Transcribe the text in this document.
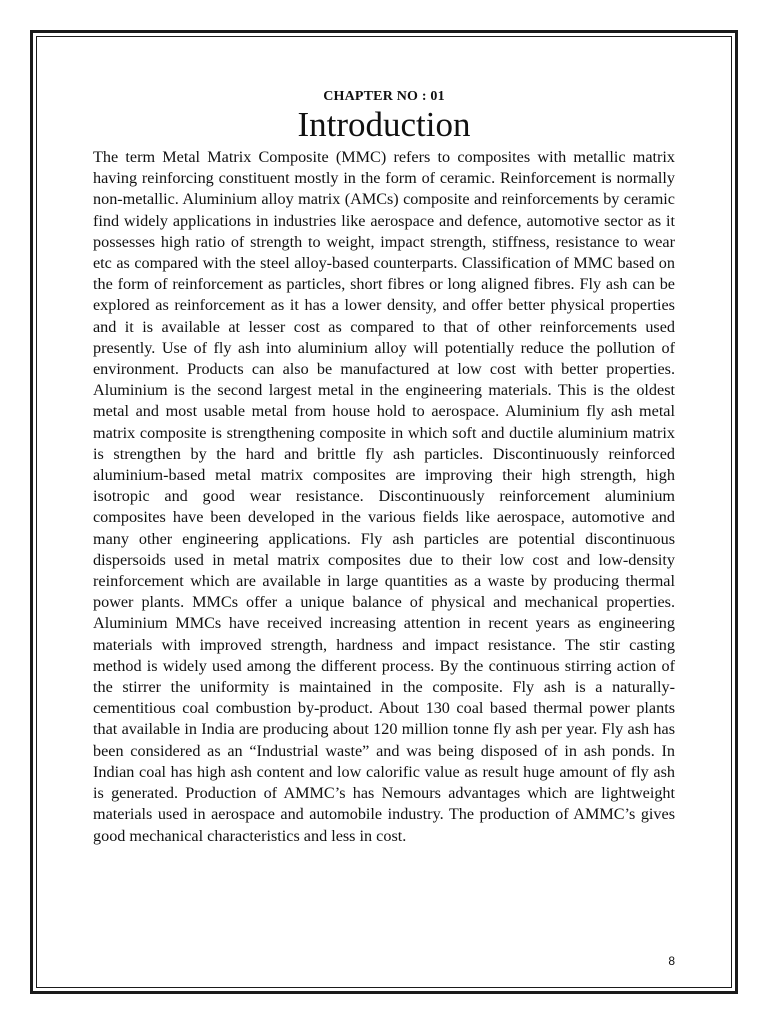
CHAPTER NO : 01
Introduction

The term Metal Matrix Composite (MMC) refers to composites with metallic matrix having reinforcing constituent mostly in the form of ceramic. Reinforcement is normally non-metallic. Aluminium alloy matrix (AMCs) composite and reinforcements by ceramic find widely applications in industries like aerospace and defence, automotive sector as it possesses high ratio of strength to weight, impact strength, stiffness, resistance to wear etc as compared with the steel alloy-based counterparts. Classification of MMC based on the form of reinforcement as particles, short fibres or long aligned fibres. Fly ash can be explored as reinforcement as it has a lower density, and offer better physical properties and it is available at lesser cost as compared to that of other reinforcements used presently. Use of fly ash into aluminium alloy will potentially reduce the pollution of environment. Products can also be manufactured at low cost with better properties. Aluminium is the second largest metal in the engineering materials. This is the oldest metal and most usable metal from house hold to aerospace. Aluminium fly ash metal matrix composite is strengthening composite in which soft and ductile aluminium matrix is strengthen by the hard and brittle fly ash particles. Discontinuously reinforced aluminium-based metal matrix composites are improving their high strength, high isotropic and good wear resistance. Discontinuously reinforcement aluminium composites have been developed in the various fields like aerospace, automotive and many other engineering applications. Fly ash particles are potential discontinuous dispersoids used in metal matrix composites due to their low cost and low-density reinforcement which are available in large quantities as a waste by producing thermal power plants. MMCs offer a unique balance of physical and mechanical properties. Aluminium MMCs have received increasing attention in recent years as engineering materials with improved strength, hardness and impact resistance. The stir casting method is widely used among the different process. By the continuous stirring action of the stirrer the uniformity is maintained in the composite. Fly ash is a naturally-cementitious coal combustion by-product. About 130 coal based thermal power plants that available in India are producing about 120 million tonne fly ash per year. Fly ash has been considered as an “Industrial waste” and was being disposed of in ash ponds. In Indian coal has high ash content and low calorific value as result huge amount of fly ash is generated. Production of AMMC’s has Nemours advantages which are lightweight materials used in aerospace and automobile industry. The production of AMMC’s gives good mechanical characteristics and less in cost.

8
